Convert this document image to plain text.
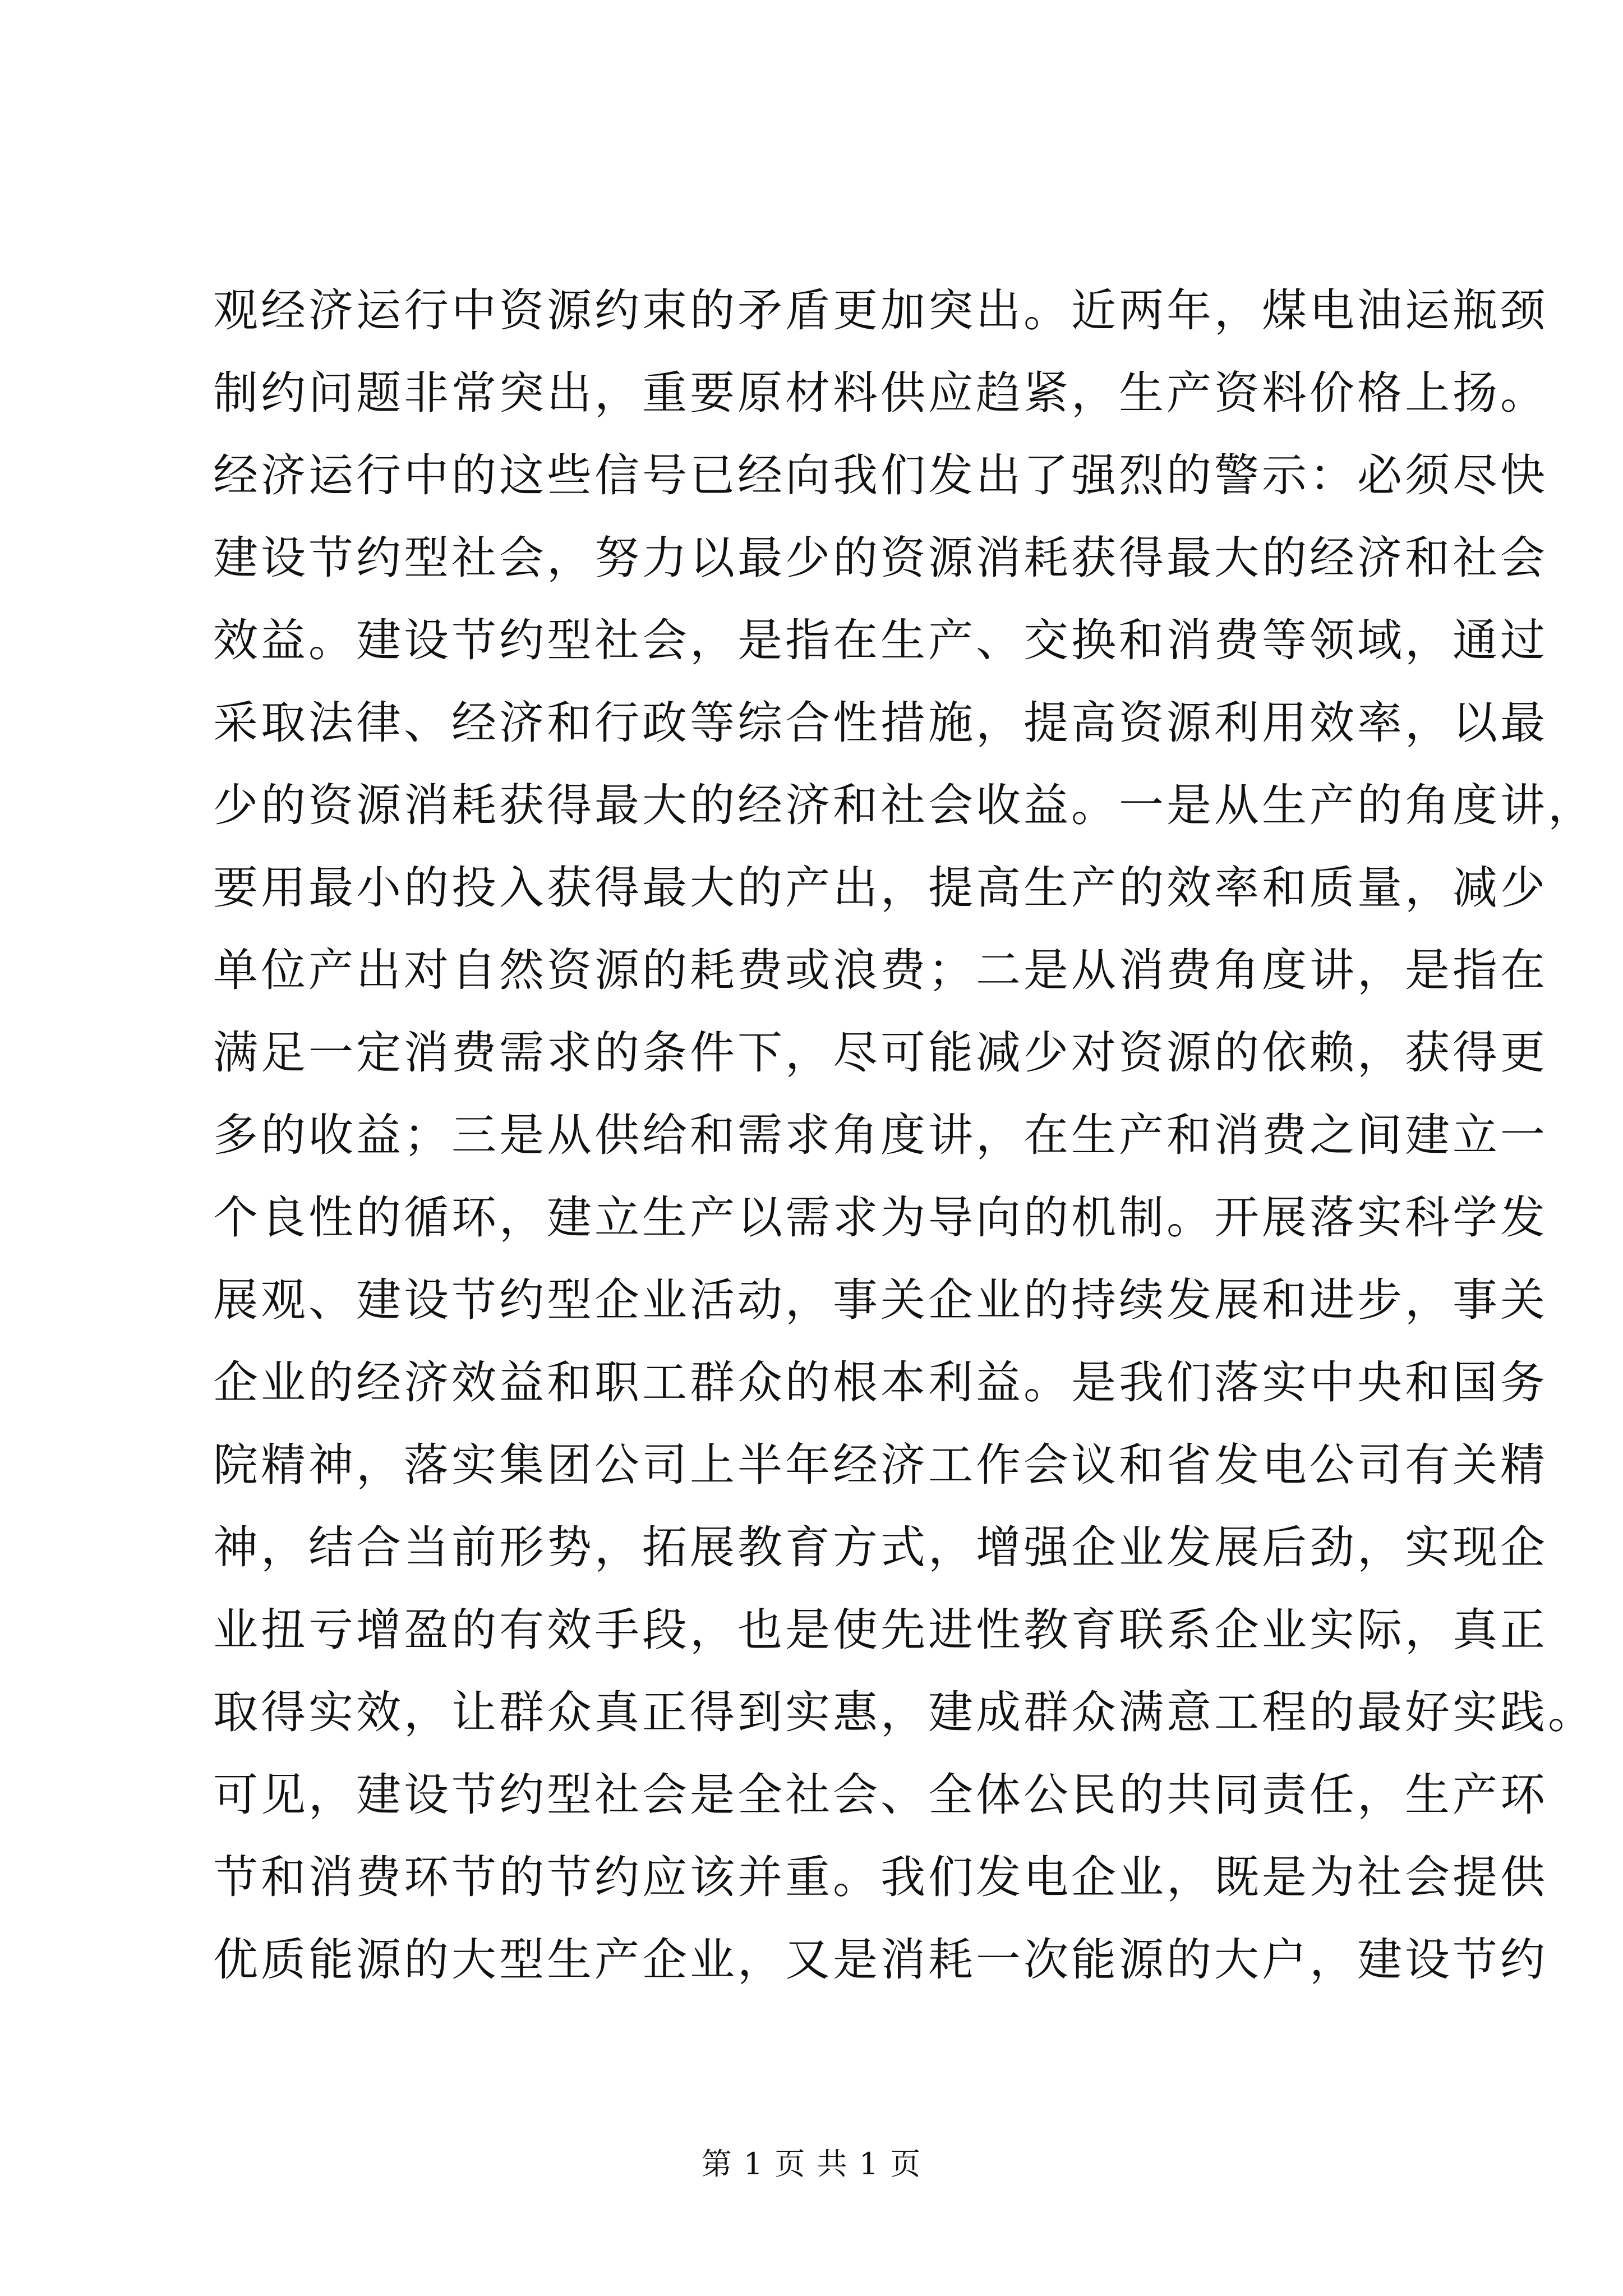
观经济运行中资源约束的矛盾更加突出。近两年，煤电油运瓶颈
制约问题非常突出，重要原材料供应趋紧，生产资料价格上扬。
经济运行中的这些信号已经向我们发出了强烈的警示：必须尽快
建设节约型社会，努力以最少的资源消耗获得最大的经济和社会
效益。建设节约型社会，是指在生产、交换和消费等领域，通过
采取法律、经济和行政等综合性措施，提高资源利用效率，以最
少的资源消耗获得最大的经济和社会收益。一是从生产的角度讲，
要用最小的投入获得最大的产出，提高生产的效率和质量，减少
单位产出对自然资源的耗费或浪费；二是从消费角度讲，是指在
满足一定消费需求的条件下，尽可能减少对资源的依赖，获得更
多的收益；三是从供给和需求角度讲，在生产和消费之间建立一
个良性的循环，建立生产以需求为导向的机制。开展落实科学发
展观、建设节约型企业活动，事关企业的持续发展和进步，事关
企业的经济效益和职工群众的根本利益。是我们落实中央和国务
院精神，落实集团公司上半年经济工作会议和省发电公司有关精
神，结合当前形势，拓展教育方式，增强企业发展后劲，实现企
业扭亏增盈的有效手段，也是使先进性教育联系企业实际，真正
取得实效，让群众真正得到实惠，建成群众满意工程的最好实践。
可见，建设节约型社会是全社会、全体公民的共同责任，生产环
节和消费环节的节约应该并重。我们发电企业，既是为社会提供
优质能源的大型生产企业，又是消耗一次能源的大户，建设节约
第 1 页 共 1 页
